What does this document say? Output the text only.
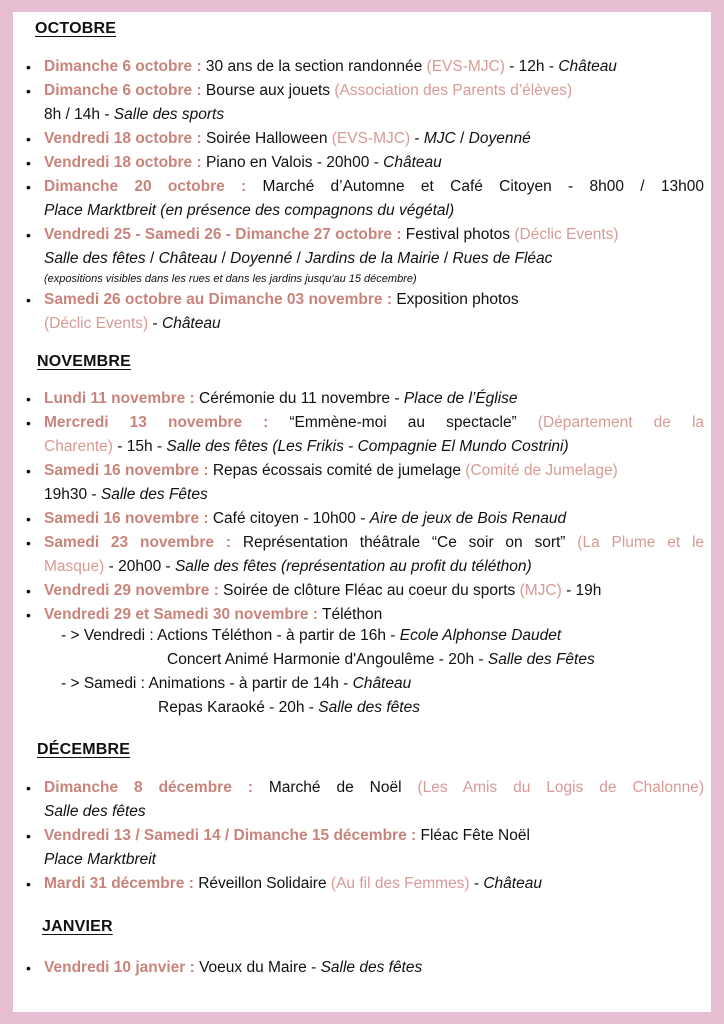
OCTOBRE
• Dimanche 6 octobre : 30 ans de la section randonnée (EVS-MJC) - 12h - Château
• Dimanche 6 octobre : Bourse aux jouets (Association des Parents d’élèves)
8h / 14h - Salle des sports
• Vendredi 18 octobre : Soirée Halloween (EVS-MJC) - MJC / Doyenné
• Vendredi 18 octobre : Piano en Valois - 20h00 - Château
• Dimanche 20 octobre : Marché d’Automne et Café Citoyen - 8h00 / 13h00
Place Marktbreit (en présence des compagnons du végétal)
• Vendredi 25 - Samedi 26 - Dimanche 27 octobre : Festival photos (Déclic Events)
Salle des fêtes / Château / Doyenné / Jardins de la Mairie / Rues de Fléac
(expositions visibles dans les rues et dans les jardins jusqu'au 15 décembre)
• Samedi 26 octobre au Dimanche 03 novembre : Exposition photos
(Déclic Events) - Château
NOVEMBRE
• Lundi 11 novembre : Cérémonie du 11 novembre - Place de l’Église
• Mercredi 13 novembre : “Emmène-moi au spectacle” (Département de la
Charente) - 15h - Salle des fêtes (Les Frikis - Compagnie El Mundo Costrini)
• Samedi 16 novembre : Repas écossais comité de jumelage (Comité de Jumelage)
19h30 - Salle des Fêtes
• Samedi 16 novembre : Café citoyen - 10h00 - Aire de jeux de Bois Renaud
• Samedi 23 novembre : Représentation théâtrale “Ce soir on sort” (La Plume et le
Masque) - 20h00 - Salle des fêtes (représentation au profit du téléthon)
• Vendredi 29 novembre : Soirée de clôture Fléac au coeur du sports (MJC) - 19h
• Vendredi 29 et Samedi 30 novembre : Téléthon
- > Vendredi : Actions Téléthon - à partir de 16h - Ecole Alphonse Daudet
Concert Animé Harmonie d'Angoulême - 20h - Salle des Fêtes
- > Samedi : Animations - à partir de 14h - Château
Repas Karaoké - 20h - Salle des fêtes
DÉCEMBRE
• Dimanche 8 décembre : Marché de Noël (Les Amis du Logis de Chalonne)
Salle des fêtes
• Vendredi 13 / Samedi 14 / Dimanche 15 décembre : Fléac Fête Noël
Place Marktbreit
• Mardi 31 décembre : Réveillon Solidaire (Au fil des Femmes) - Château
JANVIER
• Vendredi 10 janvier : Voeux du Maire - Salle des fêtes
